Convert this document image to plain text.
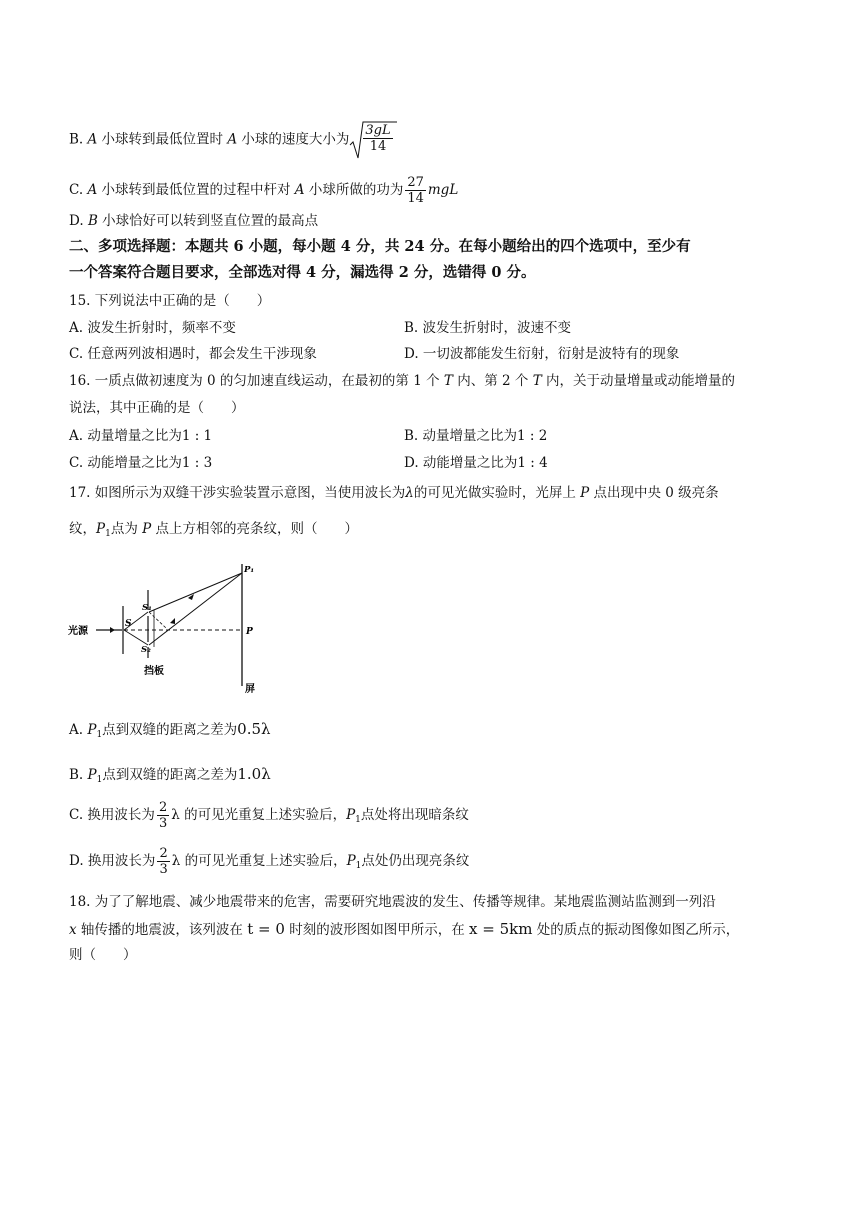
B. A 小球转到最低位置时 A 小球的速度大小为 $\frac{3gL}{14}$
C. A 小球转到最低位置的过程中杆对 A 小球所做的功为 $\frac{27}{14}$ mgL
D. B 小球恰好可以转到竖直位置的最高点
二、多项选择题：本题共 6 小题，每小题 4 分，共 24 分。在每小题给出的四个选项中，至少有
一个答案符合题目要求，全部选对得 4 分，漏选得 2 分，选错得 0 分。
15. 下列说法中正确的是（　　）
A. 波发生折射时，频率不变	B. 波发生折射时，波速不变
C. 任意两列波相遇时，都会发生干涉现象	D. 一切波都能发生衍射，衍射是波特有的现象
16. 一质点做初速度为 0 的匀加速直线运动，在最初的第 1 个 T 内、第 2 个 T 内，关于动量增量或动能增量的
说法，其中正确的是（　　）
A. 动量增量之比为1 : 1	B. 动量增量之比为1 : 2
C. 动能增量之比为1 : 3	D. 动能增量之比为1 : 4
17. 如图所示为双缝干涉实验装置示意图，当使用波长为λ的可见光做实验时，光屏上 P 点出现中央 0 级亮条
纹，$P_1$点为 P 点上方相邻的亮条纹，则（　　）
光源
S
S₁
S₂
挡板
屏
P
P₁
A. $P_1$点到双缝的距离之差为0.5λ
B. $P_1$点到双缝的距离之差为1.0λ
C. 换用波长为 $\frac{2}{3}$ λ 的可见光重复上述实验后，$P_1$点处将出现暗条纹
D. 换用波长为 $\frac{2}{3}$ λ 的可见光重复上述实验后，$P_1$点处仍出现亮条纹
18. 为了了解地震、减少地震带来的危害，需要研究地震波的发生、传播等规律。某地震监测站监测到一列沿
x 轴传播的地震波，该列波在 t = 0 时刻的波形图如图甲所示，在 x = 5km 处的质点的振动图像如图乙所示，
则（　　）
